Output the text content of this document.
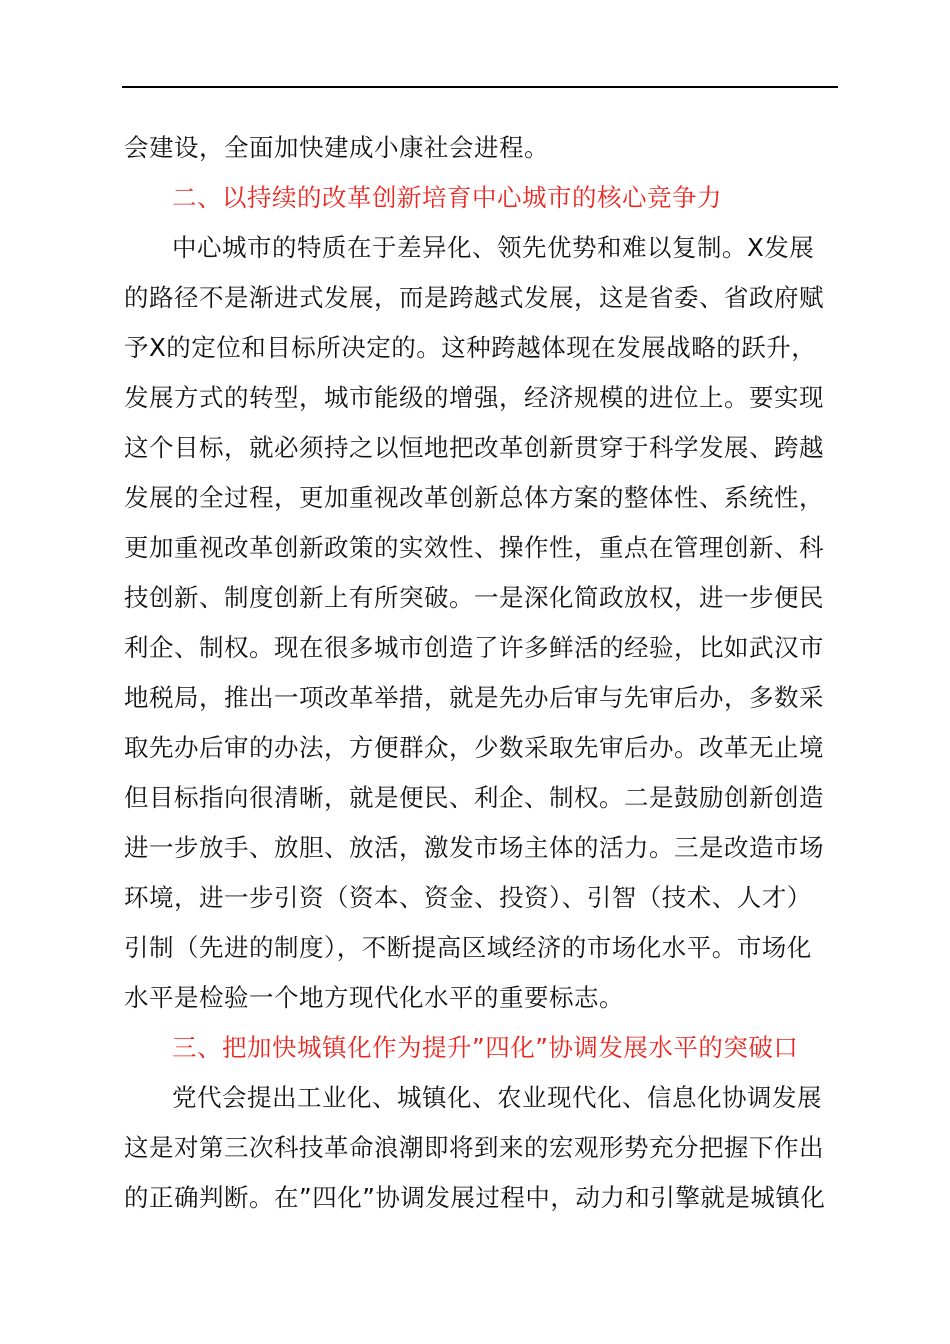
会建设，全面加快建成小康社会进程。
二、以持续的改革创新培育中心城市的核心竞争力
中心城市的特质在于差异化、领先优势和难以复制。X发展
的路径不是渐进式发展，而是跨越式发展，这是省委、省政府赋
予X的定位和目标所决定的。这种跨越体现在发展战略的跃升，
发展方式的转型，城市能级的增强，经济规模的进位上。要实现
这个目标，就必须持之以恒地把改革创新贯穿于科学发展、跨越
发展的全过程，更加重视改革创新总体方案的整体性、系统性，
更加重视改革创新政策的实效性、操作性，重点在管理创新、科
技创新、制度创新上有所突破。一是深化简政放权，进一步便民
利企、制权。现在很多城市创造了许多鲜活的经验，比如武汉市
地税局，推出一项改革举措，就是先办后审与先审后办，多数采
取先办后审的办法，方便群众，少数采取先审后办。改革无止境
但目标指向很清晰，就是便民、利企、制权。二是鼓励创新创造
进一步放手、放胆、放活，激发市场主体的活力。三是改造市场
环境，进一步引资（资本、资金、投资）、引智（技术、人才）
引制（先进的制度），不断提高区域经济的市场化水平。市场化
水平是检验一个地方现代化水平的重要标志。
三、把加快城镇化作为提升”四化”协调发展水平的突破口
党代会提出工业化、城镇化、农业现代化、信息化协调发展
这是对第三次科技革命浪潮即将到来的宏观形势充分把握下作出
的正确判断。在”四化”协调发展过程中，动力和引擎就是城镇化
